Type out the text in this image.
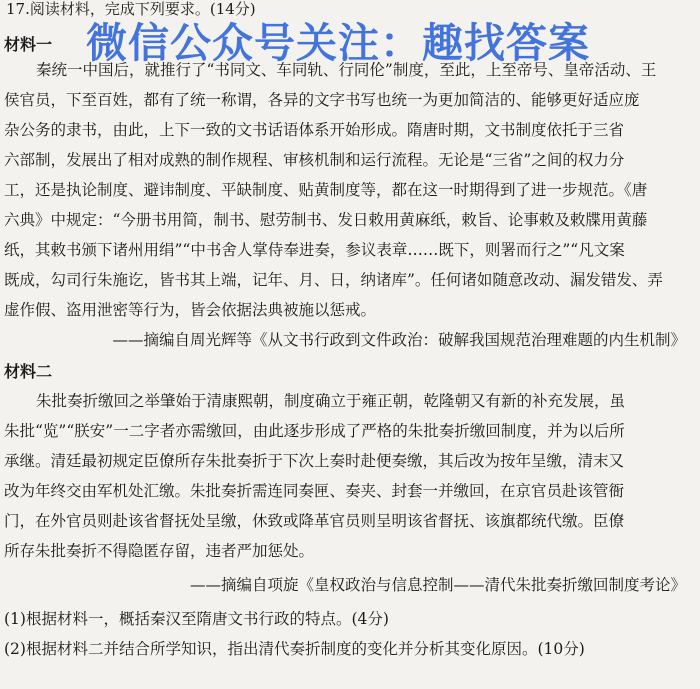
17.阅读材料，完成下列要求。(14分)
材料一
秦统一中国后，就推行了“书同文、车同轨、行同伦”制度，至此，上至帝号、皇帝活动、王
侯官员，下至百姓，都有了统一称谓，各异的文字书写也统一为更加简洁的、能够更好适应庞
杂公务的隶书，由此，上下一致的文书话语体系开始形成。隋唐时期，文书制度依托于三省
六部制，发展出了相对成熟的制作规程、审核机制和运行流程。无论是“三省”之间的权力分
工，还是执论制度、避讳制度、平缺制度、贴黄制度等，都在这一时期得到了进一步规范。《唐
六典》中规定：“今册书用简，制书、慰劳制书、发日敕用黄麻纸，敕旨、论事敕及敕牒用黄藤
纸，其敕书颁下诸州用绢”“中书舍人掌侍奉进奏，参议表章……既下，则署而行之”“凡文案
既成，勾司行朱施讫，皆书其上端，记年、月、日，纳诸库”。任何诸如随意改动、漏发错发、弄
虚作假、盗用泄密等行为，皆会依据法典被施以惩戒。
——摘编自周光辉等《从文书行政到文件政治：破解我国规范治理难题的内生机制》
材料二
朱批奏折缴回之举肇始于清康熙朝，制度确立于雍正朝，乾隆朝又有新的补充发展，虽
朱批“览”“朕安”一二字者亦需缴回，由此逐步形成了严格的朱批奏折缴回制度，并为以后所
承继。清廷最初规定臣僚所存朱批奏折于下次上奏时赴便奏缴，其后改为按年呈缴，清末又
改为年终交由军机处汇缴。朱批奏折需连同奏匣、奏夹、封套一并缴回，在京官员赴该管衙
门，在外官员则赴该省督抚处呈缴，休致或降革官员则呈明该省督抚、该旗都统代缴。臣僚
所存朱批奏折不得隐匿存留，违者严加惩处。
——摘编自项旋《皇权政治与信息控制——清代朱批奏折缴回制度考论》
(1)根据材料一，概括秦汉至隋唐文书行政的特点。(4分)
(2)根据材料二并结合所学知识，指出清代奏折制度的变化并分析其变化原因。(10分)
微信公众号关注：趣找答案
